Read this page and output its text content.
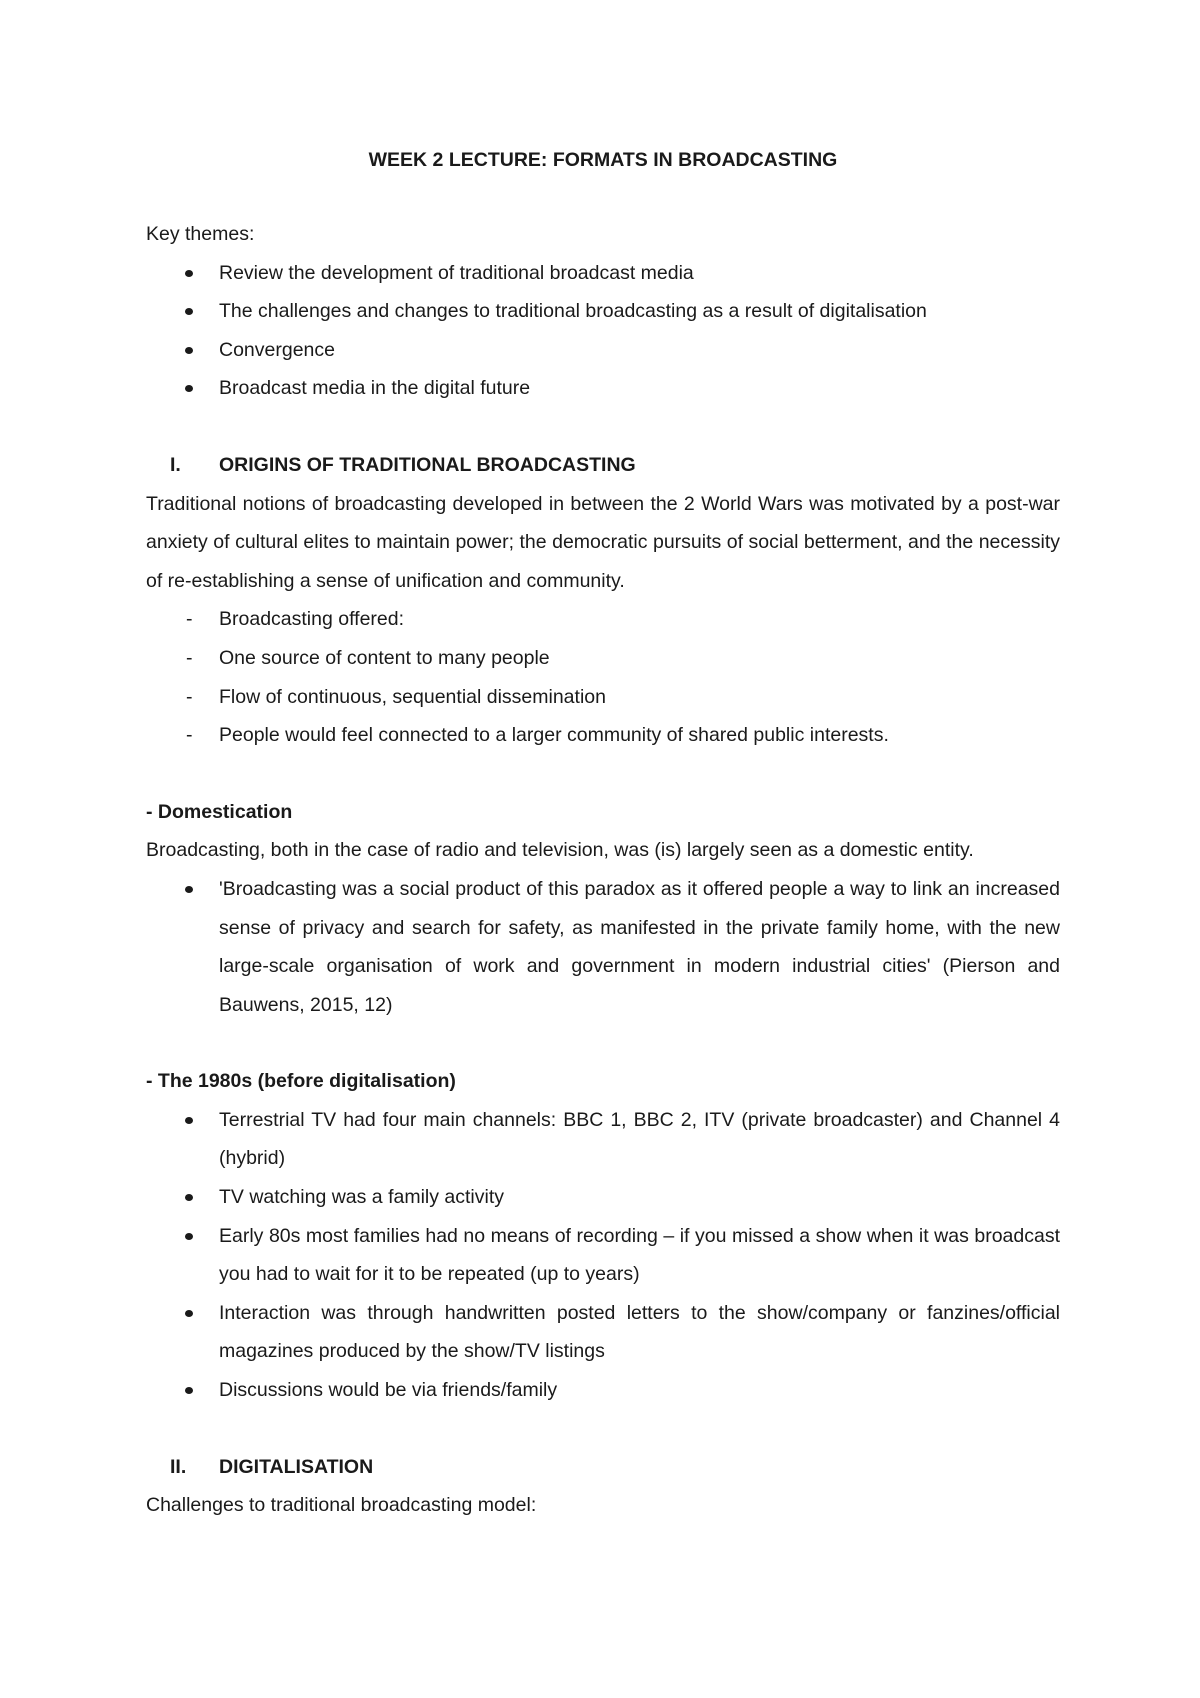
WEEK 2 LECTURE: FORMATS IN BROADCASTING

Key themes:

Review the development of traditional broadcast media
The challenges and changes to traditional broadcasting as a result of digitalisation
Convergence
Broadcast media in the digital future
I. ORIGINS OF TRADITIONAL BROADCASTING

Traditional notions of broadcasting developed in between the 2 World Wars was motivated by a post-war anxiety of cultural elites to maintain power; the democratic pursuits of social betterment, and the necessity of re-establishing a sense of unification and community.

- Broadcasting offered:
- One source of content to many people
- Flow of continuous, sequential dissemination
- People would feel connected to a larger community of shared public interests.

- Domestication

Broadcasting, both in the case of radio and television, was (is) largely seen as a domestic entity.

'Broadcasting was a social product of this paradox as it offered people a way to link an increased sense of privacy and search for safety, as manifested in the private family home, with the new large-scale organisation of work and government in modern industrial cities' (Pierson and Bauwens, 2015, 12)

- The 1980s (before digitalisation)

Terrestrial TV had four main channels: BBC 1, BBC 2, ITV (private broadcaster) and Channel 4 (hybrid)
TV watching was a family activity
Early 80s most families had no means of recording – if you missed a show when it was broadcast you had to wait for it to be repeated (up to years)
Interaction was through handwritten posted letters to the show/company or fanzines/official magazines produced by the show/TV listings
Discussions would be via friends/family
II. DIGITALISATION

Challenges to traditional broadcasting model:
